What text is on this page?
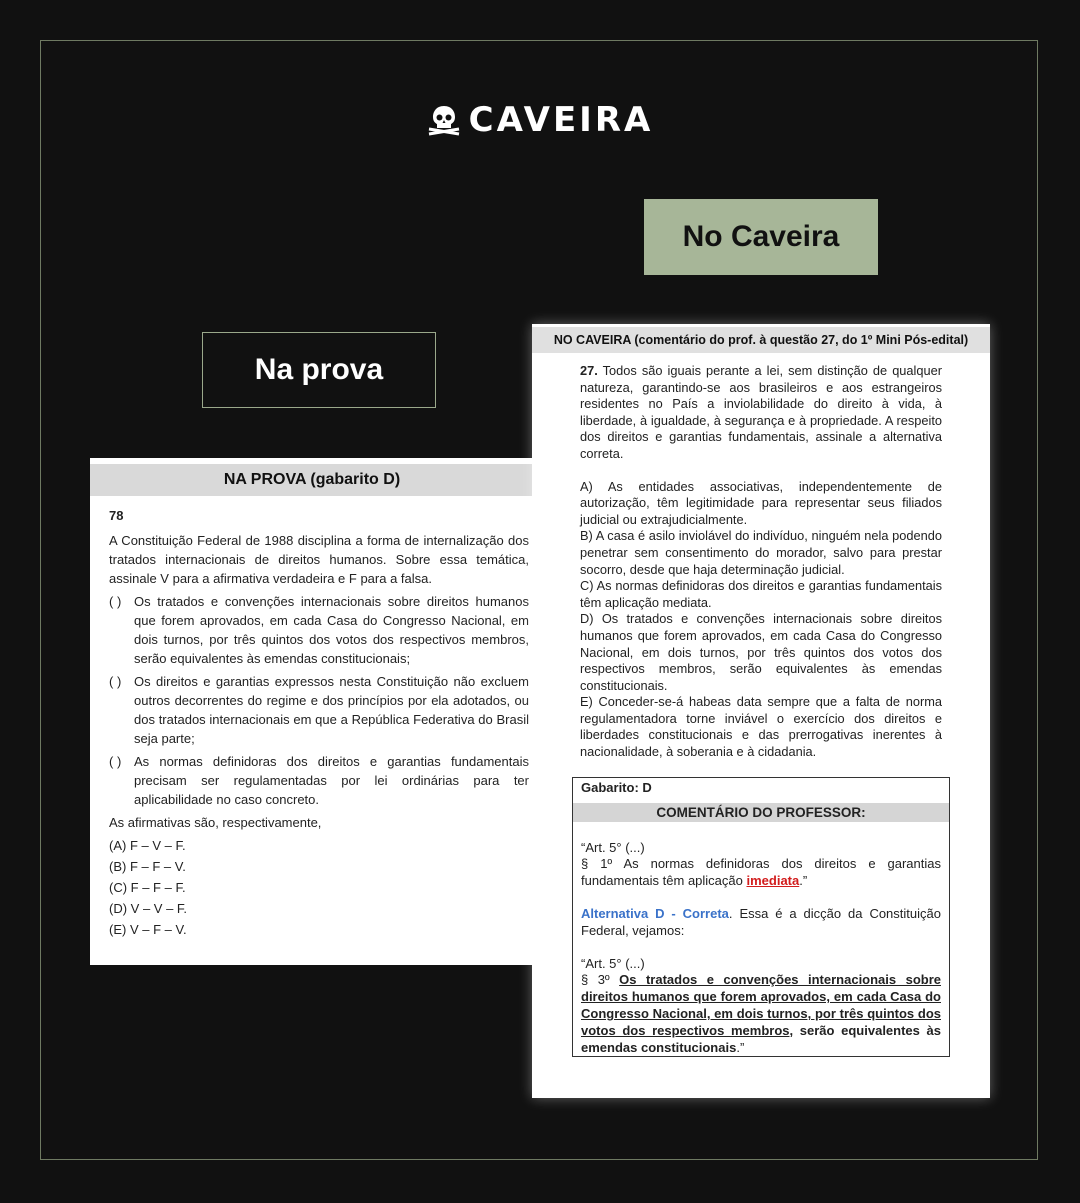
CAVEIRA
No Caveira
Na prova
NA PROVA (gabarito D)
78

A Constituição Federal de 1988 disciplina a forma de internalização dos tratados internacionais de direitos humanos. Sobre essa temática, assinale V para a afirmativa verdadeira e F para a falsa.

( ) Os tratados e convenções internacionais sobre direitos humanos que forem aprovados, em cada Casa do Congresso Nacional, em dois turnos, por três quintos dos votos dos respectivos membros, serão equivalentes às emendas constitucionais;
( ) Os direitos e garantias expressos nesta Constituição não excluem outros decorrentes do regime e dos princípios por ela adotados, ou dos tratados internacionais em que a República Federativa do Brasil seja parte;
( ) As normas definidoras dos direitos e garantias fundamentais precisam ser regulamentadas por lei ordinárias para ter aplicabilidade no caso concreto.

As afirmativas são, respectivamente,

(A) F – V – F.
(B) F – F – V.
(C) F – F – F.
(D) V – V – F.
(E) V – F – V.
NO CAVEIRA (comentário do prof. à questão 27, do 1º Mini Pós-edital)

27. Todos são iguais perante a lei, sem distinção de qualquer natureza, garantindo-se aos brasileiros e aos estrangeiros residentes no País a inviolabilidade do direito à vida, à liberdade, à igualdade, à segurança e à propriedade. A respeito dos direitos e garantias fundamentais, assinale a alternativa correta.

A) As entidades associativas, independentemente de autorização, têm legitimidade para representar seus filiados judicial ou extrajudicialmente.

B) A casa é asilo inviolável do indivíduo, ninguém nela podendo penetrar sem consentimento do morador, salvo para prestar socorro, desde que haja determinação judicial.

C) As normas definidoras dos direitos e garantias fundamentais têm aplicação mediata.

D) Os tratados e convenções internacionais sobre direitos humanos que forem aprovados, em cada Casa do Congresso Nacional, em dois turnos, por três quintos dos votos dos respectivos membros, serão equivalentes às emendas constitucionais.

E) Conceder-se-á habeas data sempre que a falta de norma regulamentadora torne inviável o exercício dos direitos e liberdades constitucionais e das prerrogativas inerentes à nacionalidade, à soberania e à cidadania.

Gabarito: D
COMENTÁRIO DO PROFESSOR:

“Art. 5° (...)

§ 1º As normas definidoras dos direitos e garantias fundamentais têm aplicação imediata.”

Alternativa D - Correta. Essa é a dicção da Constituição Federal, vejamos:

“Art. 5° (...)

§ 3º Os tratados e convenções internacionais sobre direitos humanos que forem aprovados, em cada Casa do Congresso Nacional, em dois turnos, por três quintos dos votos dos respectivos membros, serão equivalentes às emendas constitucionais.”
